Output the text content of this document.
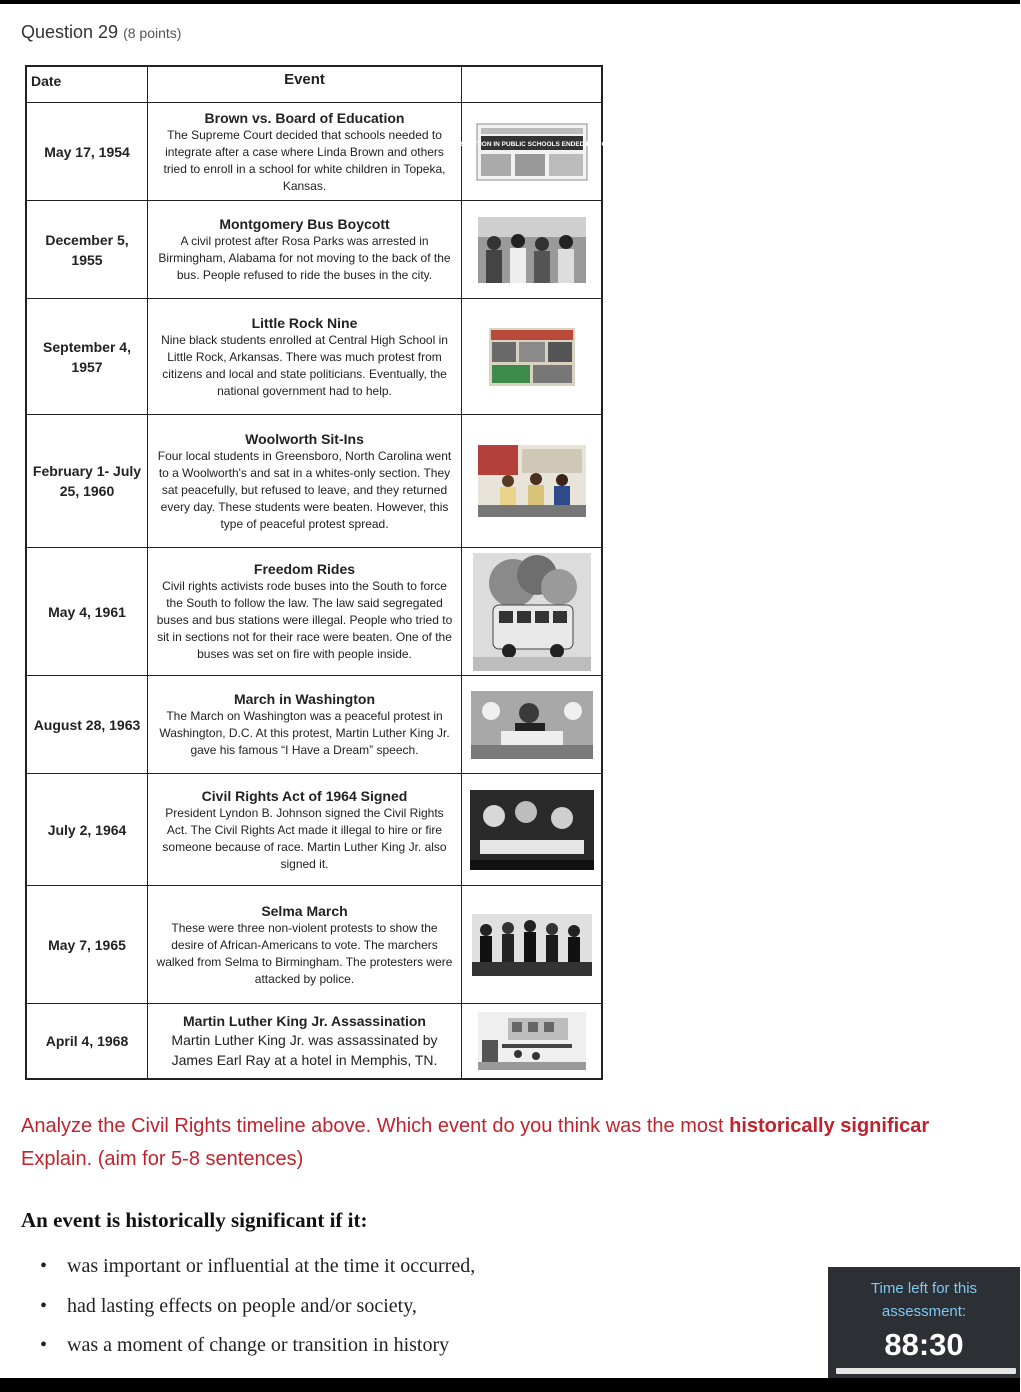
Question 29 (8 points)
Date	Event
May 17, 1954
Brown vs. Board of Education
The Supreme Court decided that schools needed to integrate after a case where Linda Brown and others tried to enroll in a school for white children in Topeka, Kansas.
SEGREGATION IN PUBLIC SCHOOLS ENDED BY COURT
December 5, 1955
Montgomery Bus Boycott
A civil protest after Rosa Parks was arrested in Birmingham, Alabama for not moving to the back of the bus. People refused to ride the buses in the city.
September 4, 1957
Little Rock Nine
Nine black students enrolled at Central High School in Little Rock, Arkansas. There was much protest from citizens and local and state politicians. Eventually, the national government had to help.
February 1- July 25, 1960
Woolworth Sit-Ins
Four local students in Greensboro, North Carolina went to a Woolworth's and sat in a whites-only section. They sat peacefully, but refused to leave, and they returned every day. These students were beaten. However, this type of peaceful protest spread.
May 4, 1961
Freedom Rides
Civil rights activists rode buses into the South to force the South to follow the law. The law said segregated buses and bus stations were illegal. People who tried to sit in sections not for their race were beaten. One of the buses was set on fire with people inside.
August 28, 1963
March in Washington
The March on Washington was a peaceful protest in Washington, D.C. At this protest, Martin Luther King Jr. gave his famous “I Have a Dream” speech.
July 2, 1964
Civil Rights Act of 1964 Signed
President Lyndon B. Johnson signed the Civil Rights Act. The Civil Rights Act made it illegal to hire or fire someone because of race. Martin Luther King Jr. also signed it.
May 7, 1965
Selma March
These were three non-violent protests to show the desire of African-Americans to vote. The marchers walked from Selma to Birmingham. The protesters were attacked by police.
April 4, 1968
Martin Luther King Jr. Assassination
Martin Luther King Jr. was assassinated by James Earl Ray at a hotel in Memphis, TN.
Analyze the Civil Rights timeline above. Which event do you think was the most historically significar
Explain. (aim for 5-8 sentences)
An event is historically significant if it:
• was important or influential at the time it occurred,
• had lasting effects on people and/or society,
• was a moment of change or transition in history
Time left for this
assessment:
88:30
